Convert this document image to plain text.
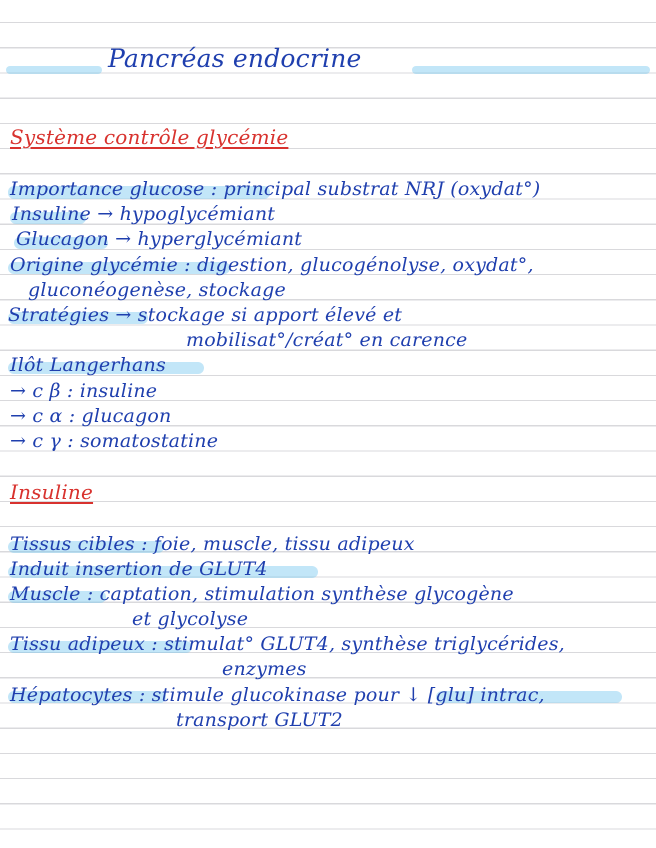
Pancréas endocrine
Système contrôle glycémie
Importance glucose : principal substrat NRJ (oxydat°)
Insuline → hypoglycémiant
Glucagon → hyperglycémiant
Origine glycémie : digestion, glucogénolyse, oxydat°,
gluconéogenèse, stockage
Stratégies → stockage si apport élevé et
mobilisat°/créat° en carence
Ilôt Langerhans
→ c β : insuline
→ c α : glucagon
→ c γ : somatostatine
Insuline
Tissus cibles : foie, muscle, tissu adipeux
Induit insertion de GLUT4
Muscle : captation, stimulation synthèse glycogène
et glycolyse
Tissu adipeux : stimulat° GLUT4, synthèse triglycérides,
enzymes
Hépatocytes : stimule glucokinase pour ↓ [glu] intrac,
transport GLUT2
